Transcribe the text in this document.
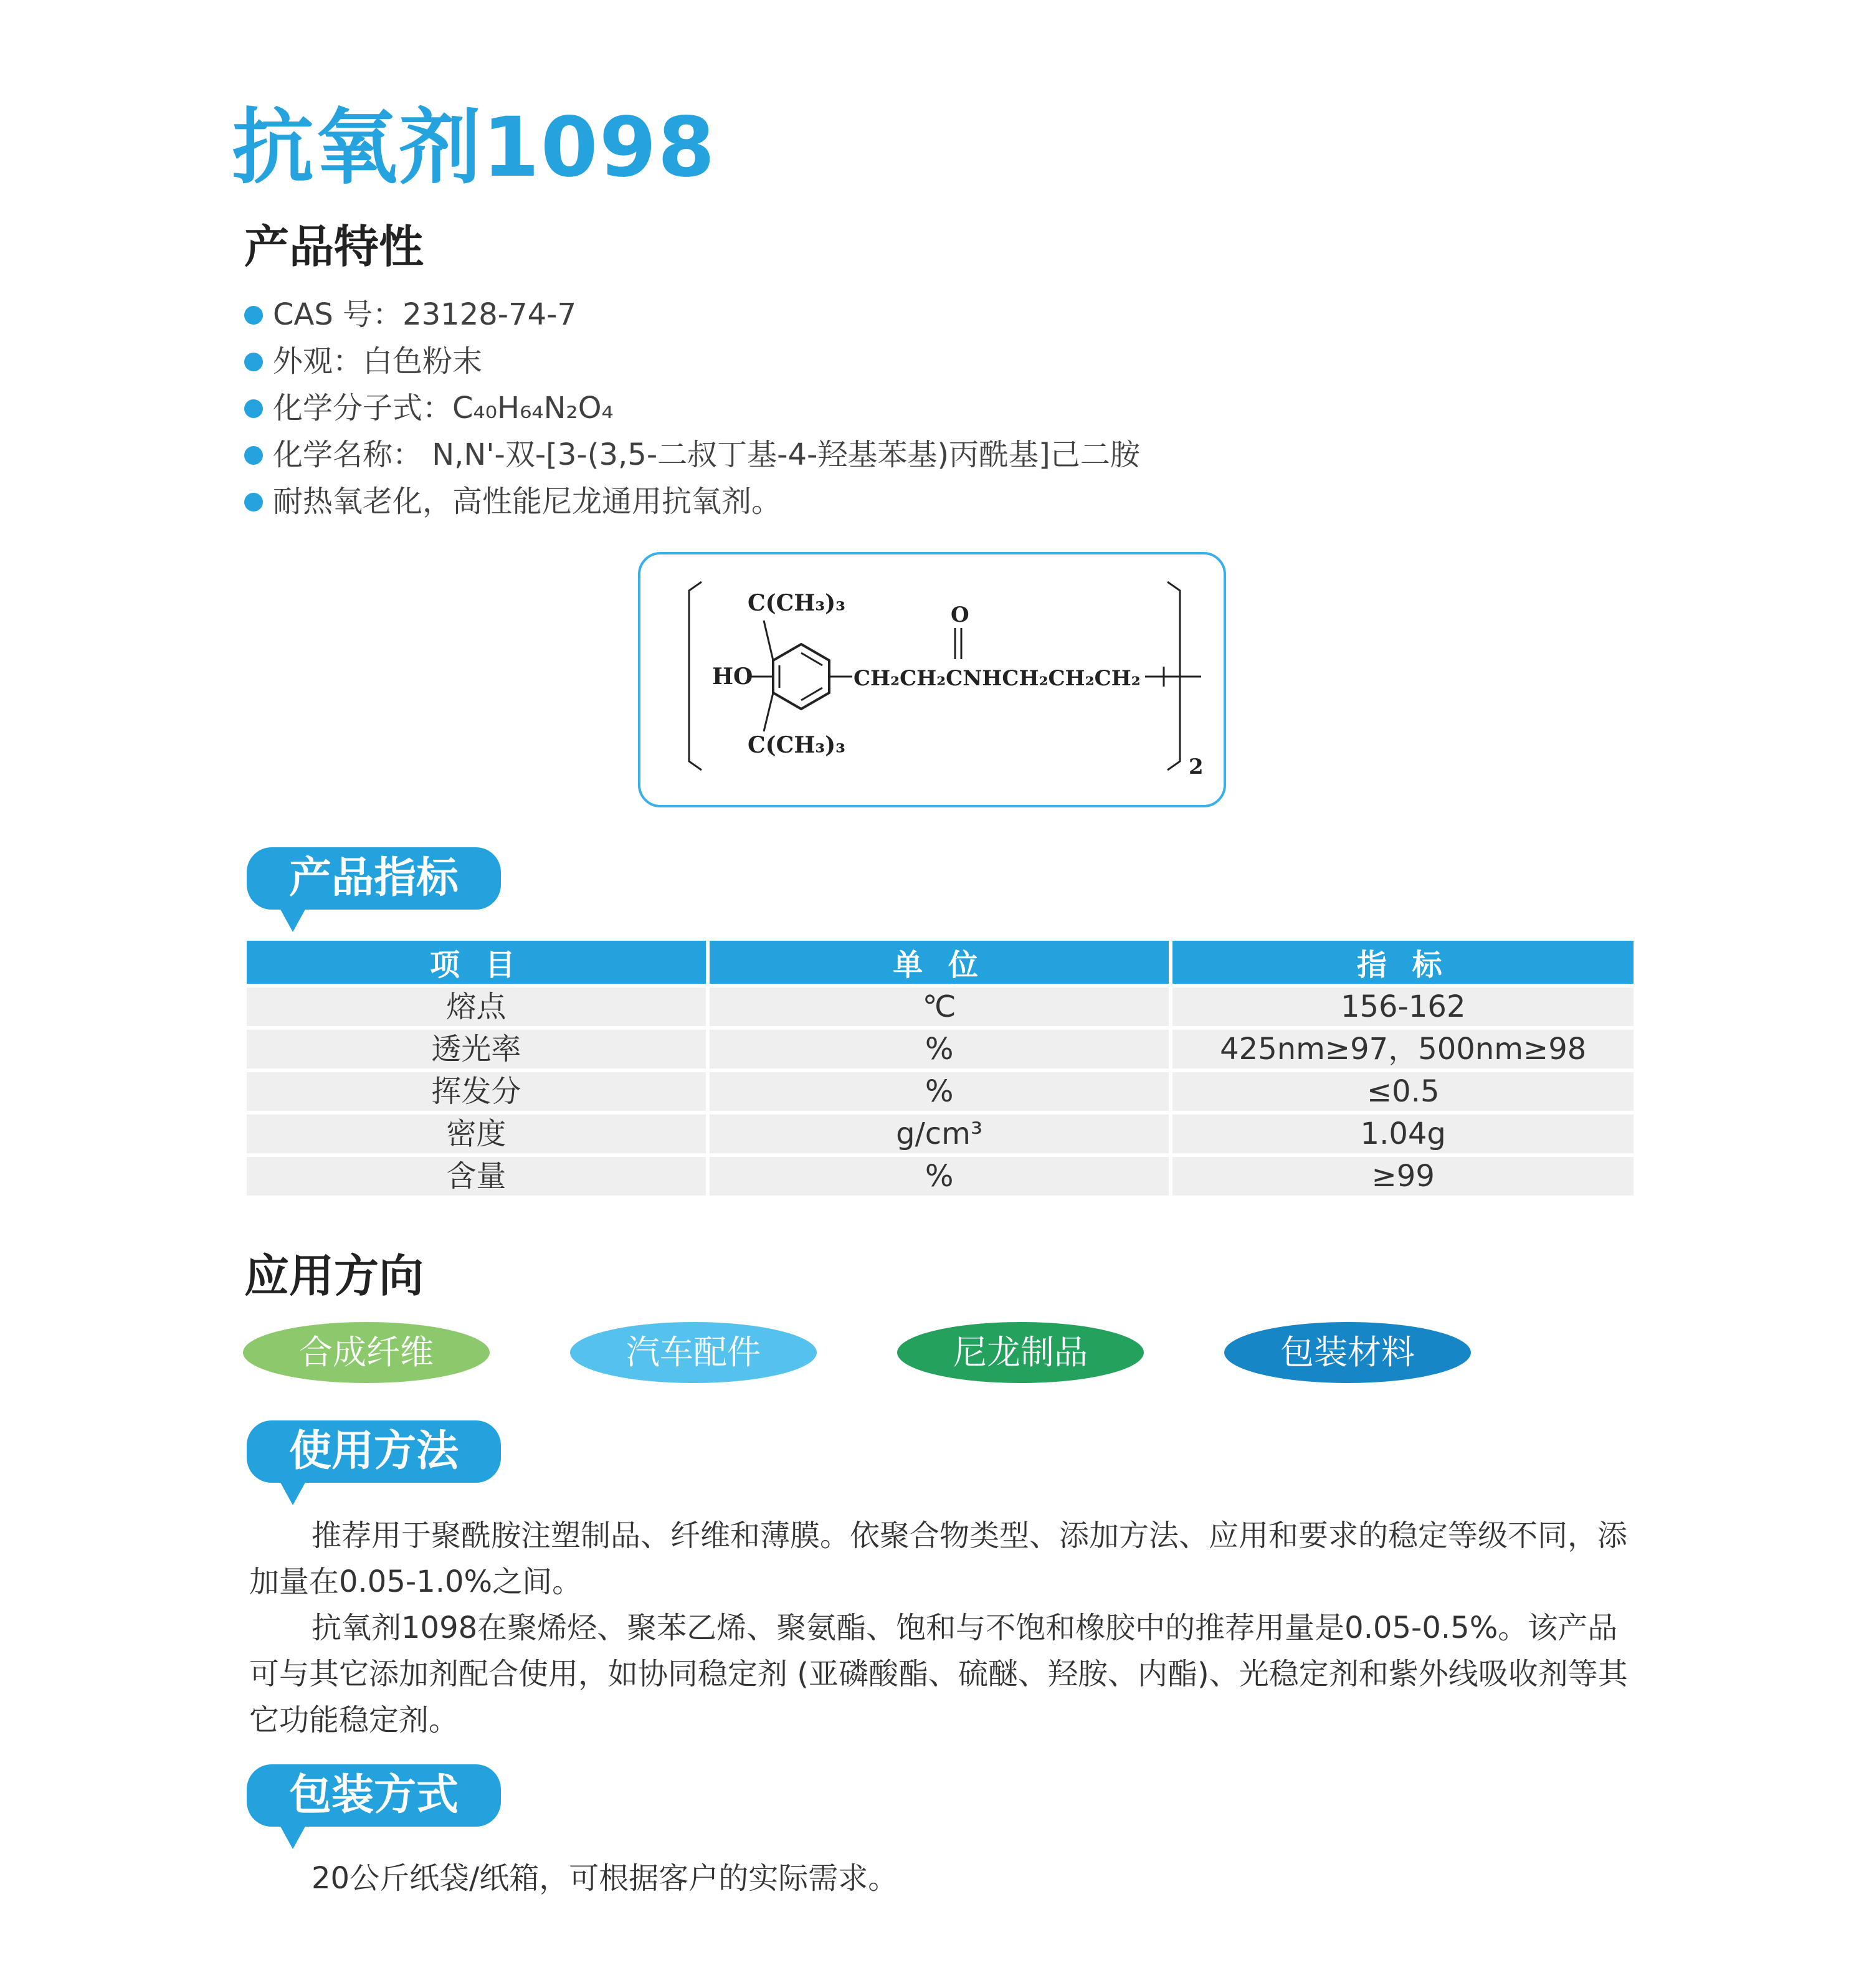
抗氧剂1098
产品特性
CAS 号：23128-74-7
外观：白色粉末
化学分子式：C₄₀H₆₄N₂O₄
化学名称： N,N'-双-[3-(3,5-二叔丁基-4-羟基苯基)丙酰基]己二胺
耐热氧老化，高性能尼龙通用抗氧剂。
2
C(CH₃)₃
C(CH₃)₃
HO
O
CH₂CH₂CNHCH₂CH₂CH₂
产品指标
项 目	单 位	指 标
熔点	℃	156-162
透光率	%	425nm≥97，500nm≥98
挥发分	%	≤0.5
密度	g/cm³	1.04g
含量	%	≥99
应用方向
合成纤维	汽车配件	尼龙制品	包装材料
使用方法

推荐用于聚酰胺注塑制品、纤维和薄膜。依聚合物类型、添加方法、应用和要求的稳定等级不同，添加量在0.05-1.0%之间。

抗氧剂1098在聚烯烃、聚苯乙烯、聚氨酯、饱和与不饱和橡胶中的推荐用量是0.05-0.5%。该产品可与其它添加剂配合使用，如协同稳定剂 (亚磷酸酯、硫醚、羟胺、内酯)、光稳定剂和紫外线吸收剂等其它功能稳定剂。

包装方式

20公斤纸袋/纸箱，可根据客户的实际需求。
